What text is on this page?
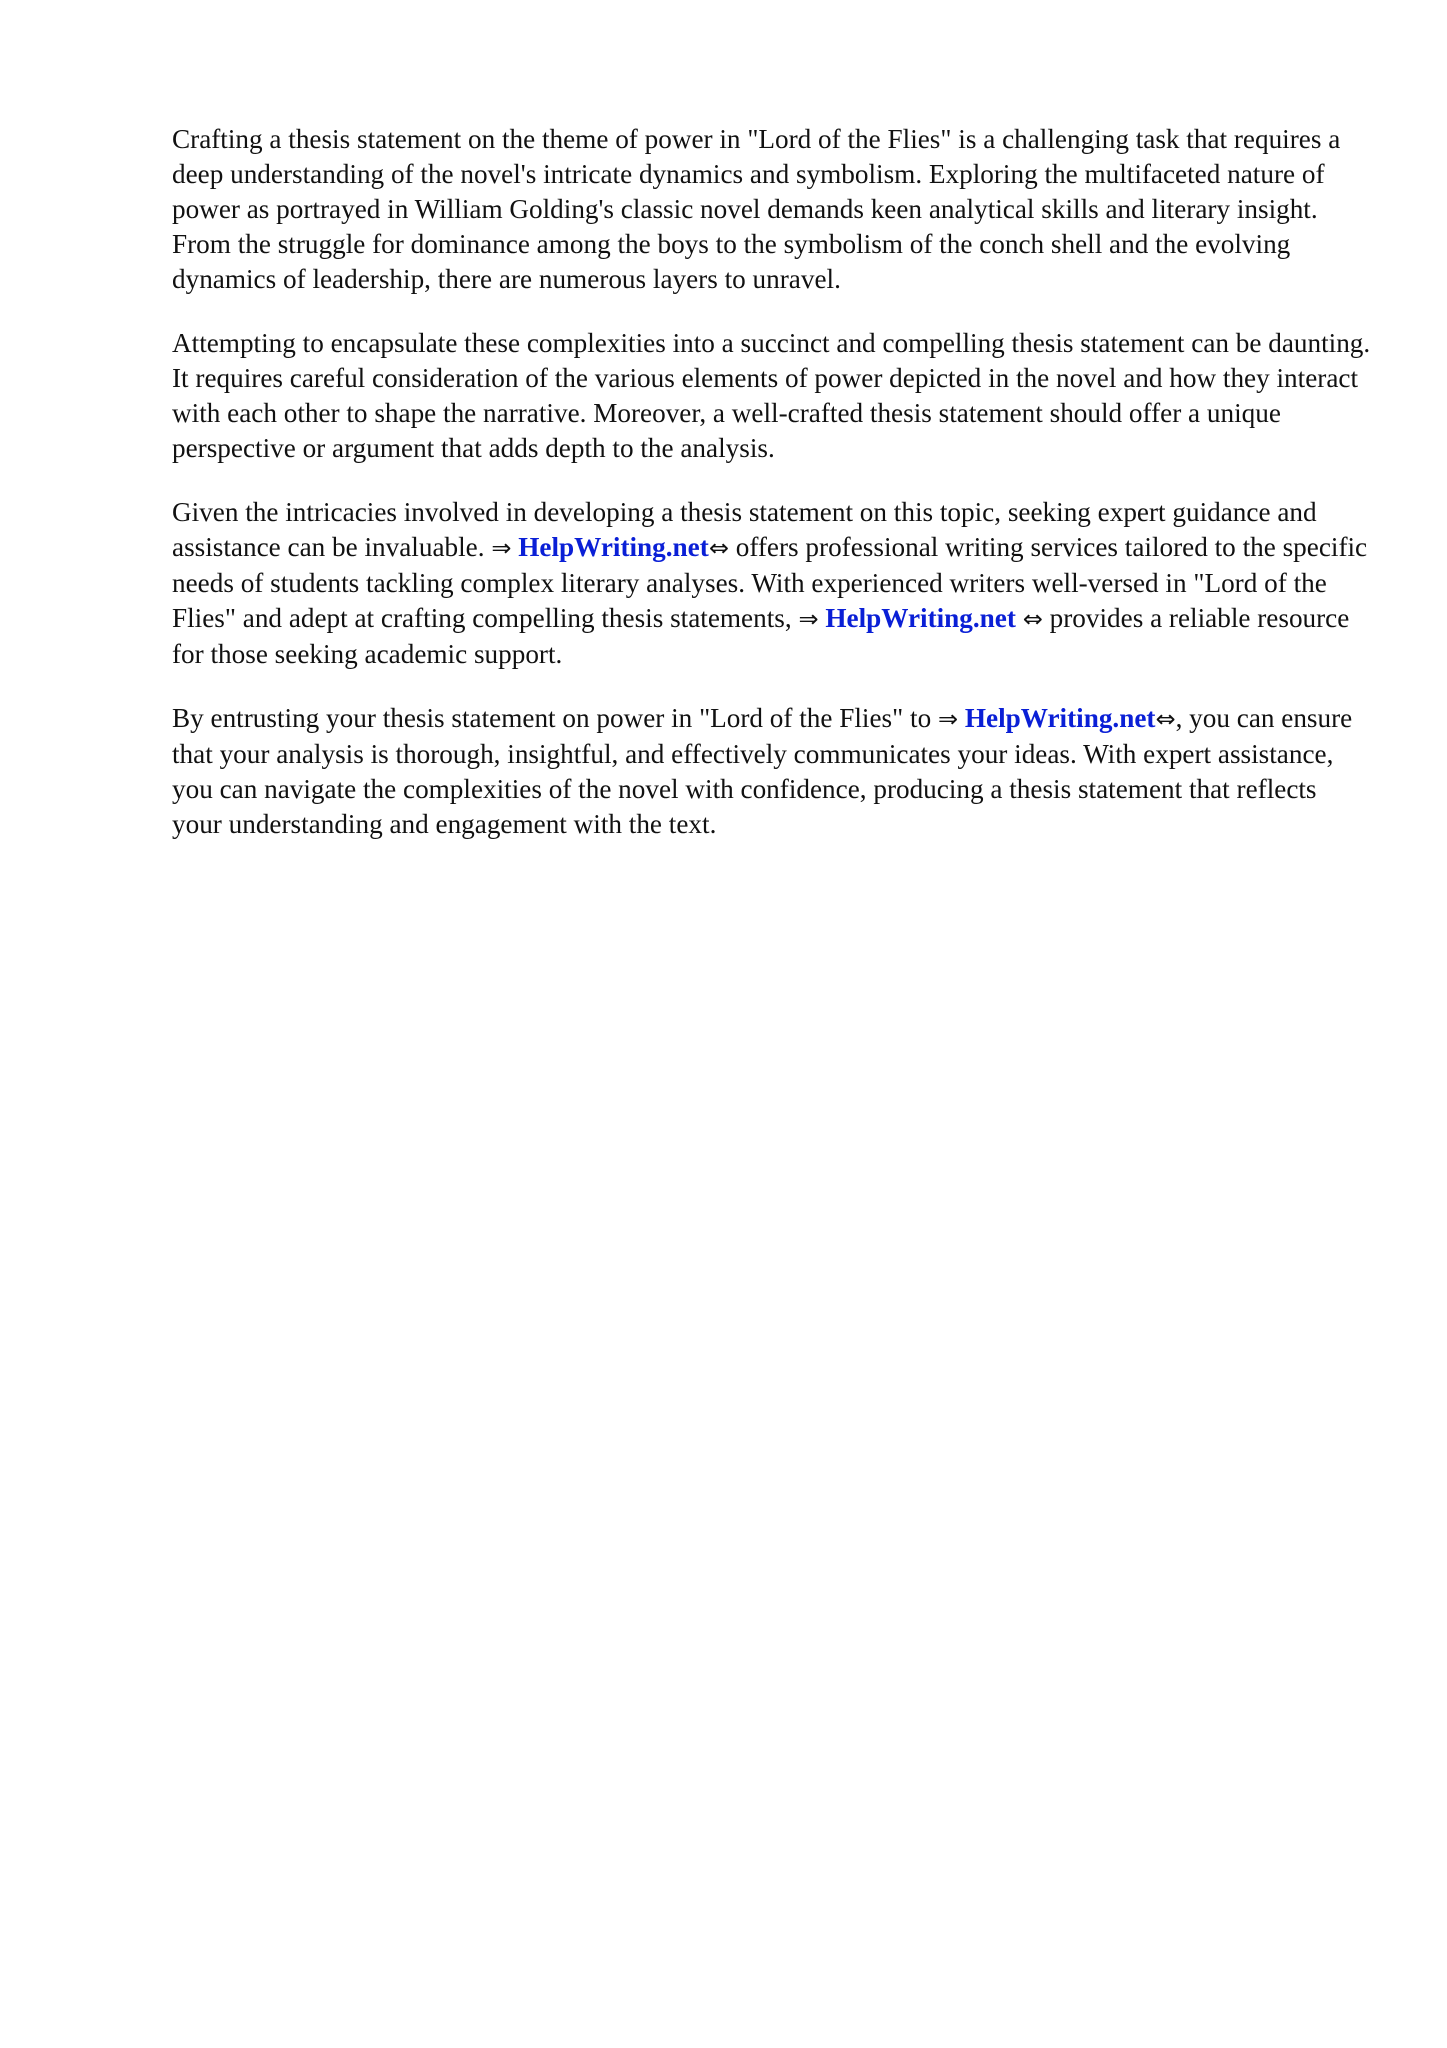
Crafting a thesis statement on the theme of power in "Lord of the Flies" is a challenging task that requires a deep understanding of the novel's intricate dynamics and symbolism. Exploring the multifaceted nature of power as portrayed in William Golding's classic novel demands keen analytical skills and literary insight. From the struggle for dominance among the boys to the symbolism of the conch shell and the evolving dynamics of leadership, there are numerous layers to unravel.

Attempting to encapsulate these complexities into a succinct and compelling thesis statement can be daunting. It requires careful consideration of the various elements of power depicted in the novel and how they interact with each other to shape the narrative. Moreover, a well-crafted thesis statement should offer a unique perspective or argument that adds depth to the analysis.

Given the intricacies involved in developing a thesis statement on this topic, seeking expert guidance and assistance can be invaluable. ⇒ HelpWriting.net⇔ offers professional writing services tailored to the specific needs of students tackling complex literary analyses. With experienced writers well-versed in "Lord of the Flies" and adept at crafting compelling thesis statements, ⇒ HelpWriting.net ⇔ provides a reliable resource for those seeking academic support.

By entrusting your thesis statement on power in "Lord of the Flies" to ⇒ HelpWriting.net⇔, you can ensure that your analysis is thorough, insightful, and effectively communicates your ideas. With expert assistance, you can navigate the complexities of the novel with confidence, producing a thesis statement that reflects your understanding and engagement with the text.
